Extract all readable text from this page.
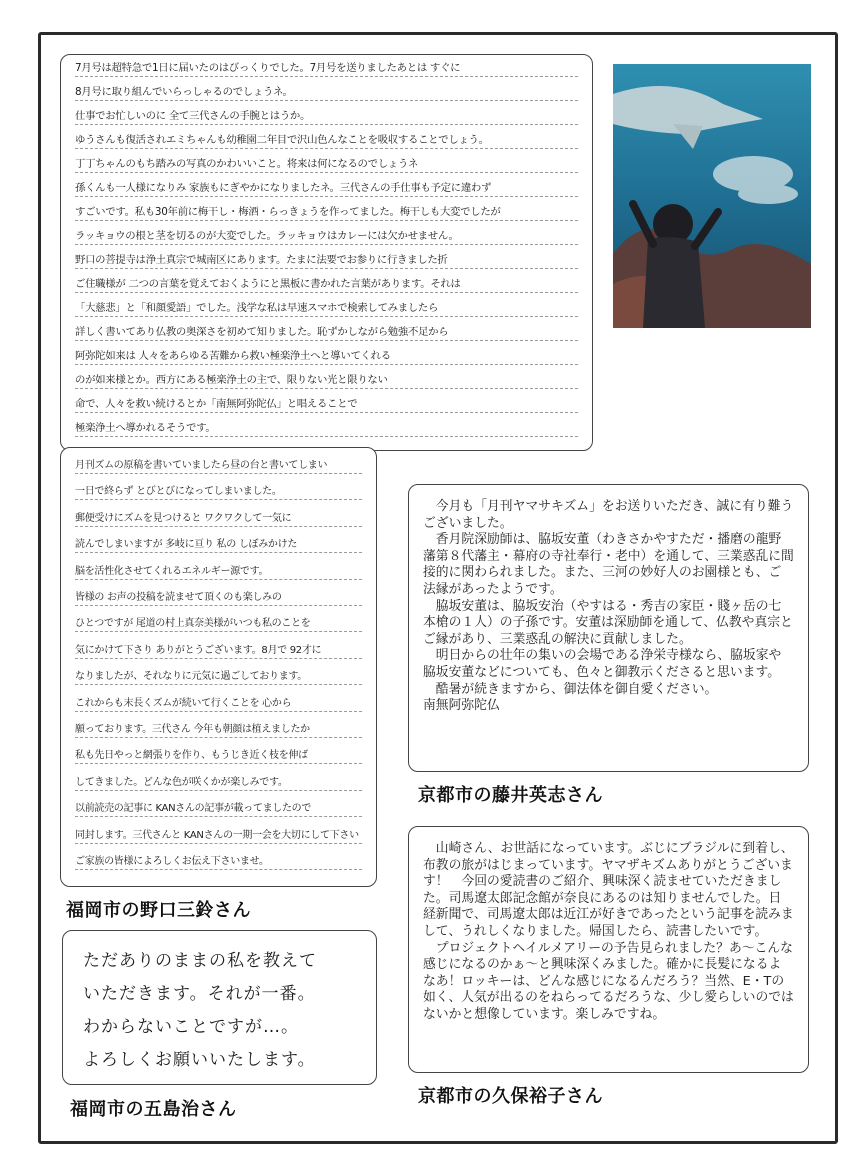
7月号は超特急で1日に届いたのはびっくりでした。7月号を送りましたあとは すぐに
8月号に取り組んでいらっしゃるのでしょうネ。
仕事でお忙しいのに 全て三代さんの手腕とはうか。
ゆうさんも復活されエミちゃんも幼稚園二年目で沢山色んなことを吸収することでしょう。
丁丁ちゃんのもち踏みの写真のかわいいこと。将来は何になるのでしょうネ
孫くんも一人様になりみ 家族もにぎやかになりましたネ。三代さんの手仕事も予定に違わず
すごいです。私も30年前に梅干し・梅酒・らっきょうを作ってました。梅干しも大変でしたが
ラッキョウの根と茎を切るのが大変でした。ラッキョウはカレーには欠かせません。
野口の菩提寺は浄土真宗で城南区にあります。たまに法要でお参りに行きました折
ご住職様が 二つの言葉を覚えておくようにと黒板に書かれた言葉があります。それは
「大慈悲」と「和顔愛語」でした。浅学な私は早速スマホで検索してみましたら
詳しく書いてあり仏教の奥深さを初めて知りました。恥ずかしながら勉強不足から
阿弥陀如来は 人々をあらゆる苦難から救い極楽浄土へと導いてくれる
のが如来様とか。西方にある極楽浄土の主で、限りない光と限りない
命で、人々を救い続けるとか「南無阿弥陀仏」と唱えることで
極楽浄土へ導かれるそうです。
月刊ズムの原稿を書いていましたら昼の台と書いてしまい
一日で終らず とびとびになってしまいました。
郵便受けにズムを見つけると ワクワクして一気に
読んでしまいますが 多岐に亘り 私の しぼみかけた
脳を活性化させてくれるエネルギー源です。
皆様の お声の投稿を読ませて頂くのも楽しみの
ひとつですが 尾道の村上真奈美様がいつも私のことを
気にかけて下さり ありがとうございます。8月で 92才に
なりましたが、それなりに元気に過ごしております。
これからも末長くズムが続いて行くことを 心から
願っております。三代さん 今年も朝顔は植えましたか
私も先日やっと網張りを作り、もうじき近く枝を伸ば
してきました。どんな色が咲くかが楽しみです。
以前読売の記事に KANさんの記事が載ってましたので
同封します。三代さんと KANさんの一期一会を大切にして下さい
ご家族の皆様によろしくお伝え下さいませ。
福岡市の野口三鈴さん
ただありのままの私を教えて
いただきます。それが一番。
わからないことですが…。
よろしくお願いいたします。
福岡市の五島治さん

今月も「月刊ヤマサキズム」をお送りいただき、誠に有り難うございました。

香月院深励師は、脇坂安董（わきさかやすただ・播磨の龍野藩第８代藩主・幕府の寺社奉行・老中）を通して、三業惑乱に間接的に関わられました。また、三河の妙好人のお園様とも、ご法縁があったようです。

脇坂安董は、脇坂安治（やすはる・秀吉の家臣・賤ヶ岳の七本槍の１人）の子孫です。安董は深励師を通して、仏教や真宗とご縁があり、三業惑乱の解決に貢献しました。

明日からの壮年の集いの会場である浄栄寺様なら、脇坂家や脇坂安董などについても、色々と御教示くださると思います。

酷暑が続きますから、御法体を御自愛ください。

南無阿弥陀仏
京都市の藤井英志さん

山崎さん、お世話になっています。ぶじにブラジルに到着し、布教の旅がはじまっています。ヤマザキズムありがとうございます！　今回の愛読書のご紹介、興味深く読ませていただきました。司馬遼太郎記念館が奈良にあるのは知りませんでした。日経新聞で、司馬遼太郎は近江が好きであったという記事を読みまして、うれしくなりました。帰国したら、読書したいです。

プロジェクトヘイルメアリーの予告見られました？あ〜こんな感じになるのかぁ〜と興味深くみました。確かに長髪になるよなあ！ロッキーは、どんな感じになるんだろう？当然、E・Tの如く、人気が出るのをねらってるだろうな、少し愛らしいのではないかと想像しています。楽しみですね。

京都市の久保裕子さん
